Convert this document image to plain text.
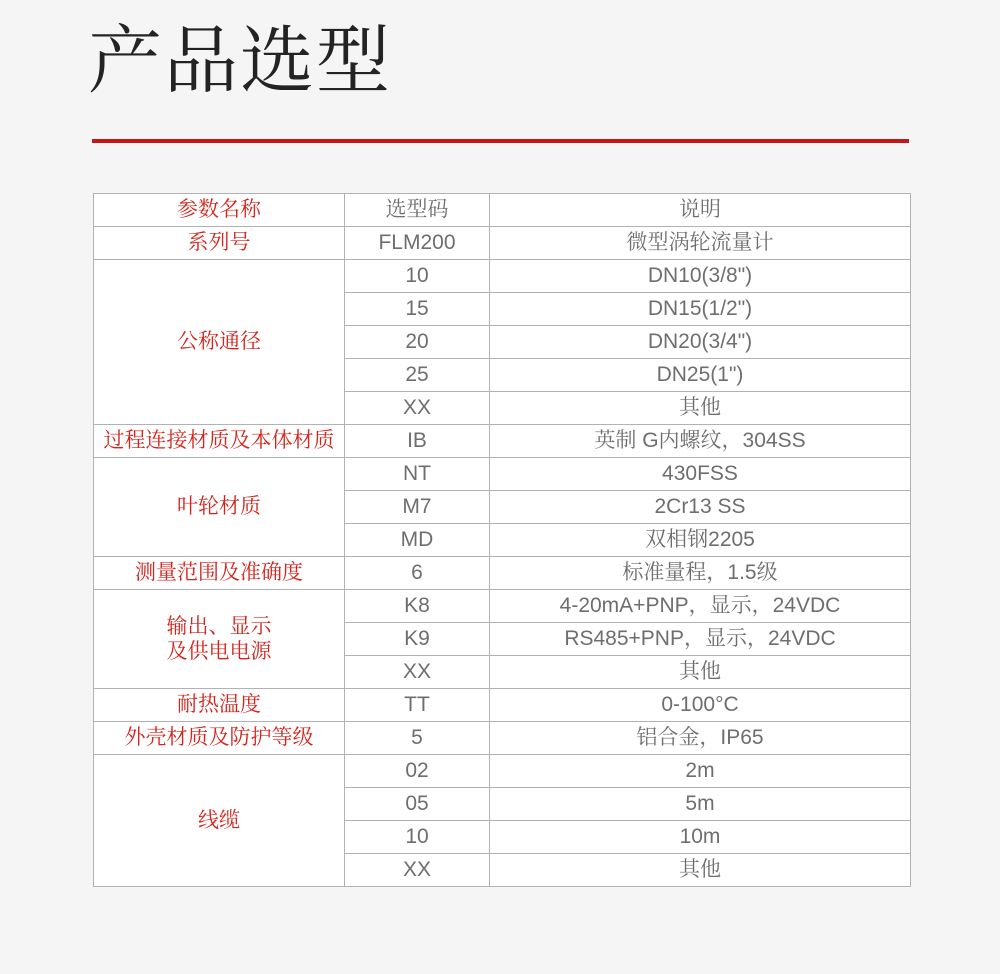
产品选型
参数名称	选型码	说明
系列号	FLM200	微型涡轮流量计
公称通径	10	DN10(3/8")
	15	DN15(1/2")
	20	DN20(3/4")
	25	DN25(1")
	XX	其他
过程连接材质及本体材质	IB	英制 G内螺纹，304SS
叶轮材质	NT	430FSS
	M7	2Cr13 SS
	MD	双相钢2205
测量范围及准确度	6	标准量程，1.5级
输出、显示
及供电电源	K8	4-20mA+PNP，显示，24VDC
	K9	RS485+PNP，显示，24VDC
	XX	其他
耐热温度	TT	0-100°C
外壳材质及防护等级	5	铝合金，IP65
线缆	02	2m
	05	5m
	10	10m
	XX	其他
